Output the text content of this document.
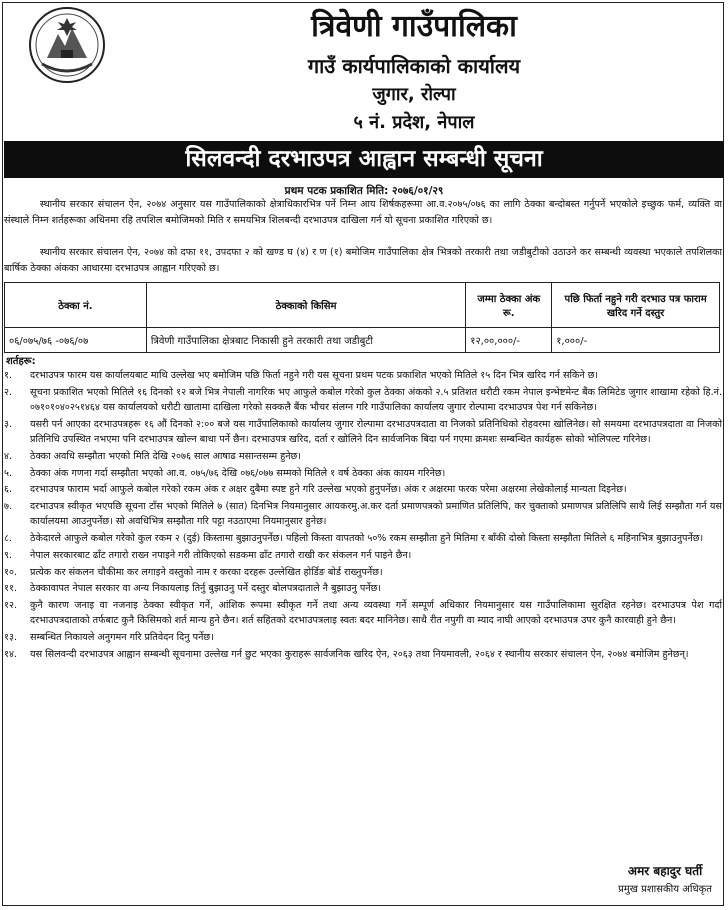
त्रिवेणी गाउँपालिका
गाउँ कार्यपालिकाको कार्यालय
जुगार, रोल्पा
५ नं. प्रदेश, नेपाल
सिलवन्दी दरभाउपत्र आह्वान सम्बन्धी सूचना
प्रथम पटक प्रकाशित मिति: २०७६/०१/२९
स्थानीय सरकार संचालन ऐन, २०७४ अनुसार यस गाउँपालिकाको क्षेत्राधिकारभित्र पर्ने निम्न आय शिर्षकहरूमा आ.व.२०७५/०७६ का लागि ठेक्का बन्दोबस्त गर्नुपर्ने भएकोले इच्छुक फर्म, व्यक्ति वा संस्थाले निम्न शर्तहरूका अधिनमा रहि तपशिल बमोजिमको मिति र समयभित्र शिलबन्दी दरभाउपत्र दाखिला गर्न यो सूचना प्रकाशित गरिएको छ।
स्थानीय सरकार संचालन ऐन, २०७४ को दफा ११, उपदफा २ को खण्ड घ (४) र ण (१) बमोजिम गाउँपालिका क्षेत्र भित्रको तरकारी तथा जडीबुटीको उठाउने कर सम्बन्धी व्यवस्था भएकाले तपशिलका बार्षिक ठेक्का अंकका आधारमा दरभाउपत्र आह्वान गरिएको छ।
ठेक्का नं.	ठेक्काको किसिम	जम्मा ठेक्का अंक रू.	पछि फिर्ता नहुने गरी दरभाउ पत्र फाराम खरिद गर्ने दस्तुर
०६/०७५/७६ -०७६/०७	त्रिवेणी गाउँपालिका क्षेत्रबाट निकासी हुने तरकारी तथा जडीबुटी	१२,००,०००/-	१,०००/-
शर्तहरू:
१.	दरभाउपत्र फारम यस कार्यालयबाट माथि उल्लेख भए बमोजिम पछि फिर्ता नहुने गरी यस सूचना प्रथम पटक प्रकाशित भएको मितिले १५ दिन भित्र खरिद गर्न सकिने छ।
२.	सूचना प्रकाशित भएको मितिले १६ दिनको १२ बजे भित्र नेपाली नागरिक भए आफुले कबोल गरेको कुल ठेक्का अंकको २.५ प्रतिशत धरौटी रकम नेपाल इन्भेष्टमेन्ट बैंक लिमिटेड जुगार शाखामा रहेको हि.नं. ०७१०१०४०२५१४६४ यस कार्यालयको धरौटी खातामा दाखिला गरेको सक्कलै बैंक भौचर संलग्न गरि गाउँपालिका कार्यालय जुगार रोल्पामा दरभाउपत्र पेश गर्न सकिनेछ।
३.	यसरी पर्न आएका दरभाउपत्रहरू १६ औं दिनको २:०० बजे यस गाउँपालिकाको कार्यालय जुगार रोल्पामा दरभाउपत्रदाता वा निजको प्रतिनिधिको रोहवरमा खोलिनेछ। सो समयमा दरभाउपत्रदाता वा निजको प्रतिनिधि उपस्थित नभएमा पनि दरभाउपत्र खोल्न बाधा पर्ने छैन। दरभाउपत्र खरिद, दर्ता र खोलिने दिन सार्वजनिक बिदा पर्न गएमा क्रमशः सम्बन्धित कार्यहरू सोको भोलिपल्ट गरिनेछ।
४.	ठेक्का अवधि सम्झौता भएको मिति देखि २०७६ साल आषाढ मसान्तसम्म हुनेछ।
५.	ठेक्का अंक गणना गर्दा सम्झौता भएको आ.व. ०७५/७६ देखि ०७६/०७७ सम्मको मितिले १ वर्ष ठेक्का अंक कायम गरिनेछ।
६.	दरभाउपत्र फाराम भर्दा आफुले कबोल गरेको रकम अंक र अक्षर दुबैमा स्पष्ट हुने गरि उल्लेख भएको हुनुपर्नेछ। अंक र अक्षरमा फरक परेमा अक्षरमा लेखेकोलाई मान्यता दिइनेछ।
७.	दरभाउपत्र स्वीकृत भएपछि सूचना टाँस भएको मितिले ७ (सात) दिनभित्र नियमानुसार आयकरमु.अ.कर दर्ता प्रमाणपत्रको प्रमाणित प्रतिलिपि, कर चुक्ताको प्रमाणपत्र प्रतिलिपि साथै लिई सम्झौता गर्न यस कार्यालयमा आउनुपर्नेछ। सो अवधिभित्र सम्झौता गरि पट्टा नउठाएमा नियमानुसार हुनेछ।
८.	ठेकेदारले आफुले कबोल गरेको कुल रकम २ (दुई) किस्तामा बुझाउनुपर्नेछ। पहिलो किस्ता वापतको ५०% रकम सम्झौता हुने मितिमा र बाँकी दोस्रो किस्ता सम्झौता मितिले ६ महिनाभित्र बुझाउनुपर्नेछ।
९.	नेपाल सरकारबाट ढाँट तगारो राख्न नपाइने गरी तोकिएको सडकमा ढाँट तगारो राखी कर संकलन गर्न पाइने छैन।
१०.	प्रत्येक कर संकलन चौकीमा कर लगाइने वस्तुको नाम र करका दरहरू उल्लेखित होर्डिङ बोर्ड राख्नुपर्नेछ।
११.	ठेक्कावापत नेपाल सरकार वा अन्य निकायलाइ तिर्नु बुझाउनु पर्ने दस्तुर बोलपत्रदाताले नै बुझाउनु पर्नेछ।
१२.	कुनै कारण जनाइ वा नजनाइ ठेक्का स्वीकृत गर्ने, आंशिक रूपमा स्वीकृत गर्ने तथा अन्य व्यवस्था गर्ने सम्पूर्ण अधिकार नियमानुसार यस गाउँपालिकामा सुरक्षित रहनेछ। दरभाउपत्र पेश गर्दा दरभाउपत्रदाताको तर्फबाट कुनै किसिमको शर्त मान्य हुने छैन। शर्त सहितको दरभाउपत्रलाइ स्वतः बदर मानिनेछ। साथै रीत नपुगी वा म्याद नाघी आएको दरभाउपत्र उपर कुनै कारवाही हुने छैन।
१३.	सम्बन्धित निकायले अनुगमन गरि प्रतिवेदन दिनु पर्नेछ।
१४.	यस सिलवन्दी दरभाउपत्र आह्वान सम्बन्धी सूचनामा उल्लेख गर्न छुट भएका कुराहरू सार्वजनिक खरिद ऐन, २०६३ तथा नियमावली, २०६४ र स्थानीय सरकार संचालन ऐन, २०७४ बमोजिम हुनेछन्।
अमर बहादुर घर्ती
प्रमुख प्रशासकीय अधिकृत
